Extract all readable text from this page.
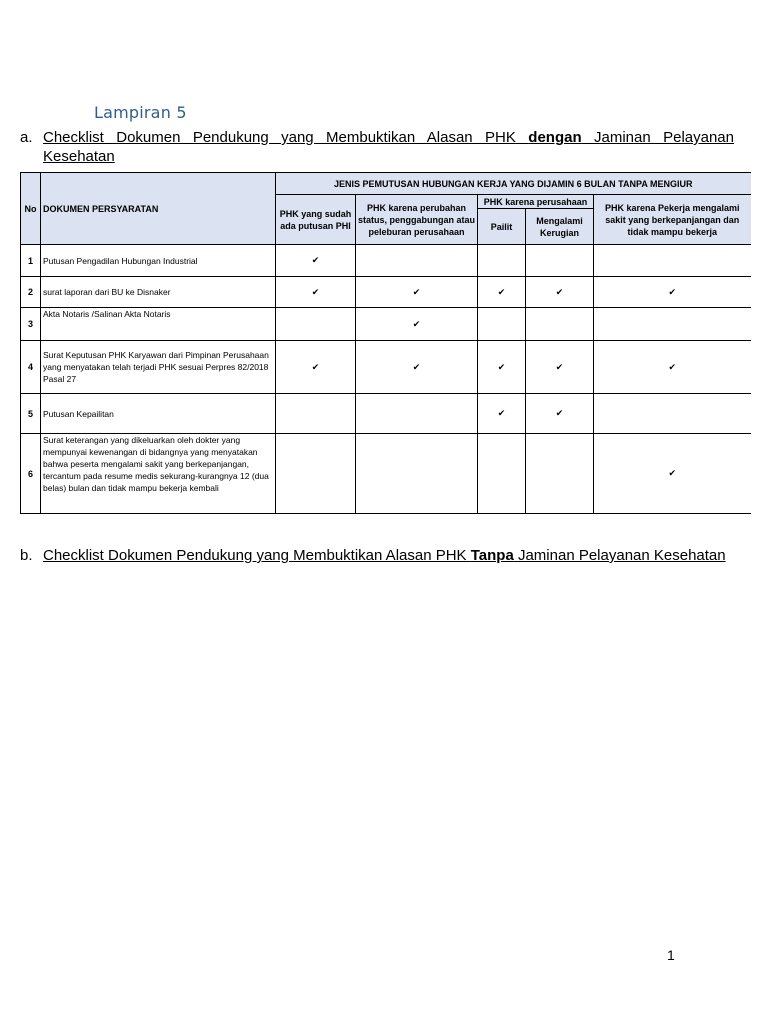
Lampiran 5
a. Checklist Dokumen Pendukung yang Membuktikan Alasan PHK dengan Jaminan Pelayanan Kesehatan
No	DOKUMEN PERSYARATAN	JENIS PEMUTUSAN HUBUNGAN KERJA YANG DIJAMIN 6 BULAN TANPA MENGIUR				
		PHK yang sudah ada putusan PHI	PHK karena perubahan status, penggabungan atau peleburan perusahaan	PHK karena perusahaan		PHK karena Pekerja mengalami sakit yang berkepanjangan dan tidak mampu bekerja
				Pailit	Mengalami Kerugian	
1	Putusan Pengadilan Hubungan Industrial	✔				
2	surat laporan dari BU ke Disnaker	✔	✔	✔	✔	✔
3	Akta Notaris /Salinan Akta Notaris		✔			
4	Surat Keputusan PHK Karyawan dari Pimpinan Perusahaan yang menyatakan telah terjadi PHK sesuai Perpres 82/2018 Pasal 27	✔	✔	✔	✔	✔
5	Putusan Kepailitan			✔	✔	
6	Surat keterangan yang dikeluarkan oleh dokter yang mempunyai kewenangan di bidangnya yang menyatakan bahwa peserta mengalami sakit yang berkepanjangan, tercantum pada resume medis sekurang-kurangnya 12 (dua belas) bulan dan tidak mampu bekerja kembali					✔
b. Checklist Dokumen Pendukung yang Membuktikan Alasan PHK Tanpa Jaminan Pelayanan Kesehatan
1
